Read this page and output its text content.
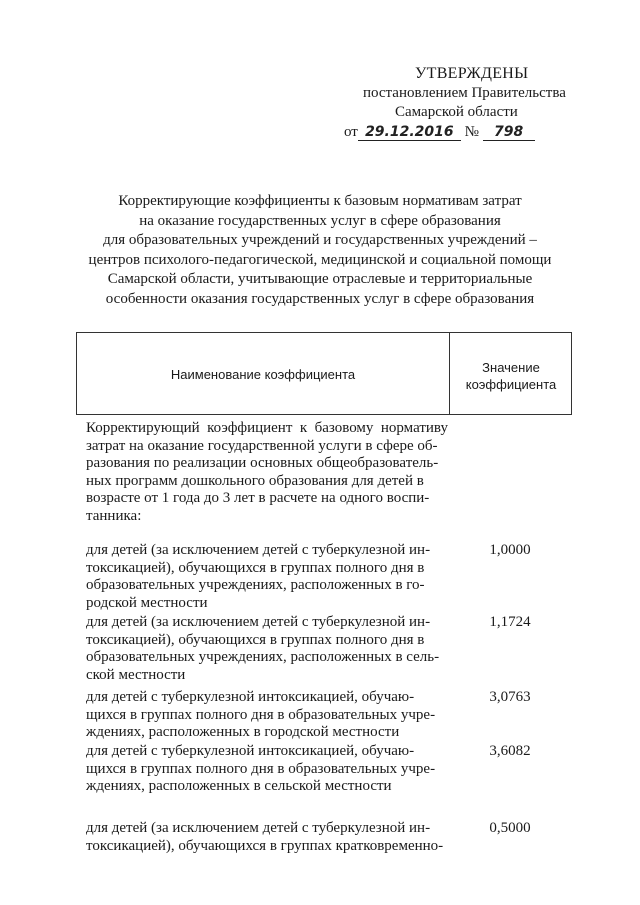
УТВЕРЖДЕНЫ
постановлением Правительства
Самарской области
от 29.12.2016 № 798
Корректирующие коэффициенты к базовым нормативам затрат
на оказание государственных услуг в сфере образования
для образовательных учреждений и государственных учреждений –
центров психолого-педагогической, медицинской и социальной помощи
Самарской области, учитывающие отраслевые и территориальные
особенности оказания государственных услуг в сфере образования
Наименование коэффициента	Значение
коэффициента
Корректирующий коэффициент к базовому нормативу
затрат на оказание государственной услуги в сфере об-
разования по реализации основных общеобразователь-
ных программ дошкольного образования для детей в
возрасте от 1 года до 3 лет в расчете на одного воспи-
танника:
для детей (за исключением детей с туберкулезной ин-
токсикацией), обучающихся в группах полного дня в
образовательных учреждениях, расположенных в го-
родской местности
1,0000
для детей (за исключением детей с туберкулезной ин-
токсикацией), обучающихся в группах полного дня в
образовательных учреждениях, расположенных в сель-
ской местности
1,1724
для детей с туберкулезной интоксикацией, обучаю-
щихся в группах полного дня в образовательных учре-
ждениях, расположенных в городской местности
3,0763
для детей с туберкулезной интоксикацией, обучаю-
щихся в группах полного дня в образовательных учре-
ждениях, расположенных в сельской местности
3,6082
для детей (за исключением детей с туберкулезной ин-
токсикацией), обучающихся в группах кратковременно-
0,5000
